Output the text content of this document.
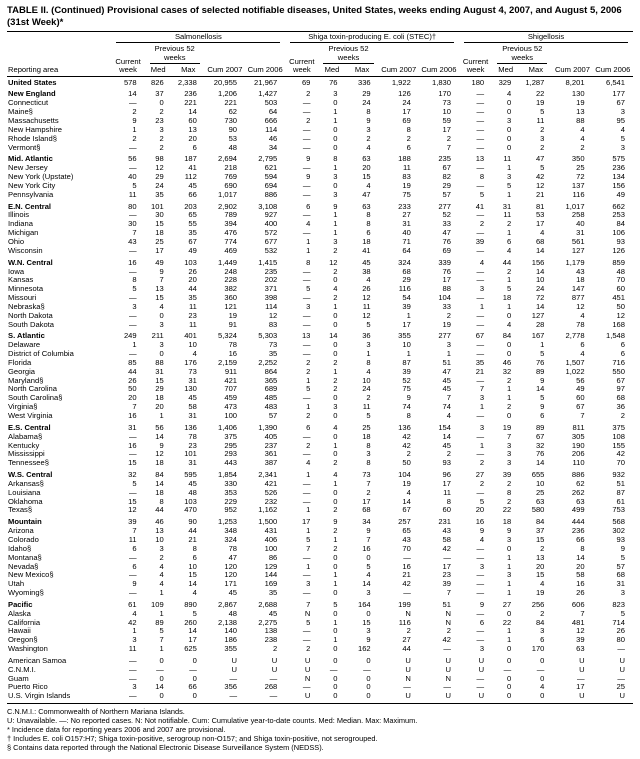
TABLE II. (Continued) Provisional cases of selected notifiable diseases, United States, weeks ending August 4, 2007, and August 5, 2006 (31st Week)*
Reporting area	Salmonellosis					Shiga toxin-producing E. coli (STEC)†					Shigellosis				

	Current week	Previous 52 weeks		Cum 2007	Cum 2006	Current week	Previous 52 weeks		Cum 2007	Cum 2006	Current week	Previous 52 weeks		Cum 2007	Cum 2006
		Med	Max				Med	Max				Med	Max		
United States	578	826	2,338	20,955	21,967	69	76	336	1,922	1,830	180	329	1,287	8,201	6,541
New England	14	37	236	1,206	1,427	2	3	29	126	170	—	4	22	130	177
Connecticut	—	0	221	221	503	—	0	24	24	73	—	0	19	19	67
Maine§	2	2	14	62	64	—	1	8	17	10	—	0	5	13	3
Massachusetts	9	23	60	730	666	2	1	9	69	59	—	3	11	88	95
New Hampshire	1	3	13	90	114	—	0	3	8	17	—	0	2	4	4
Rhode Island§	2	2	20	53	46	—	0	2	2	2	—	0	3	4	5
Vermont§	—	2	6	48	34	—	0	4	6	7	—	0	2	2	3
Mid. Atlantic	56	98	187	2,694	2,795	9	8	63	188	235	13	11	47	350	575
New Jersey	—	12	41	218	621	—	1	20	11	67	—	1	5	25	236
New York (Upstate)	40	29	112	769	594	9	3	15	83	82	8	3	42	72	134
New York City	5	24	45	690	694	—	0	4	19	29	—	5	12	137	156
Pennsylvania	11	35	66	1,017	886	—	3	47	75	57	5	1	21	116	49
E.N. Central	80	101	203	2,902	3,108	6	9	63	233	277	41	31	81	1,017	662
Illinois	—	30	65	789	927	—	1	8	27	52	—	11	53	258	253
Indiana	30	15	55	394	400	4	1	8	31	33	2	2	17	40	84
Michigan	7	18	35	476	572	—	1	6	40	47	—	1	4	31	106
Ohio	43	25	67	774	677	1	3	18	71	76	39	6	68	561	93
Wisconsin	—	17	49	469	532	1	2	41	64	69	—	4	14	127	126
W.N. Central	16	49	103	1,449	1,415	8	12	45	324	339	4	44	156	1,179	859
Iowa	—	9	26	248	235	—	2	38	68	76	—	2	14	43	48
Kansas	8	7	20	228	202	—	0	4	29	17	—	1	10	18	70
Minnesota	5	13	44	382	371	5	4	26	116	88	3	5	24	147	60
Missouri	—	15	35	360	398	—	2	12	54	104	—	18	72	877	451
Nebraska§	3	4	11	121	114	3	1	11	39	33	1	1	14	12	50
North Dakota	—	0	23	19	12	—	0	12	1	2	—	0	127	4	12
South Dakota	—	3	11	91	83	—	0	5	17	19	—	4	28	78	168
S. Atlantic	249	211	401	5,324	5,303	13	14	36	355	277	67	84	167	2,778	1,548
Delaware	1	3	10	78	73	—	0	3	10	3	—	0	1	6	6
District of Columbia	—	0	4	16	35	—	0	1	1	1	—	0	5	4	6
Florida	85	88	176	2,159	2,252	2	2	8	87	51	35	46	76	1,507	716
Georgia	44	31	73	911	864	2	1	4	39	47	21	32	89	1,022	550
Maryland§	26	15	31	421	365	1	2	10	52	45	—	2	9	56	67
North Carolina	50	29	130	707	689	5	2	24	75	45	7	1	14	49	97
South Carolina§	20	18	45	459	485	—	0	2	9	7	3	1	5	60	68
Virginia§	7	20	58	473	483	1	3	11	74	74	1	2	9	67	36
West Virginia	16	1	31	100	57	2	0	5	8	4	—	0	6	7	2
E.S. Central	31	56	136	1,406	1,390	6	4	25	136	154	3	19	89	811	375
Alabama§	—	14	78	375	405	—	0	18	42	14	—	7	67	305	108
Kentucky	16	9	23	295	237	2	1	8	42	45	1	3	32	190	155
Mississippi	—	12	101	293	361	—	0	3	2	2	—	3	76	206	42
Tennessee§	15	18	31	443	387	4	2	8	50	93	2	3	14	110	70
W.S. Central	32	84	595	1,854	2,341	1	4	73	104	96	27	39	655	886	932
Arkansas§	5	14	45	330	421	—	1	7	19	17	2	2	10	62	51
Louisiana	—	18	48	353	526	—	0	2	4	11	—	8	25	262	87
Oklahoma	15	8	103	229	232	—	0	17	14	8	5	2	63	63	61
Texas§	12	44	470	952	1,162	1	2	68	67	60	20	22	580	499	753
Mountain	39	46	90	1,253	1,500	17	9	34	257	231	16	18	84	444	568
Arizona	7	13	44	348	431	1	2	9	65	43	9	9	37	236	302
Colorado	11	10	21	324	406	5	1	7	43	58	4	3	15	66	93
Idaho§	6	3	8	78	100	7	2	16	70	42	—	0	2	8	9
Montana§	—	2	6	47	86	—	0	0	—	—	—	1	13	14	5
Nevada§	6	4	10	120	129	1	0	5	16	17	3	1	20	20	57
New Mexico§	—	4	15	120	144	—	1	4	21	23	—	3	15	58	68
Utah	9	4	14	171	169	3	1	14	42	39	—	1	4	16	31
Wyoming§	—	1	4	45	35	—	0	3	—	7	—	1	19	26	3
Pacific	61	109	890	2,867	2,688	7	5	164	199	51	9	27	256	606	823
Alaska	4	1	5	48	45	N	0	0	N	N	—	0	2	7	5
California	42	89	260	2,138	2,275	5	1	15	116	N	6	22	84	481	714
Hawaii	1	5	14	140	138	—	0	3	2	2	—	1	3	12	26
Oregon§	3	7	17	186	238	—	1	9	27	42	—	1	6	39	80
Washington	11	1	625	355	2	2	0	162	44	—	3	0	170	63	—
American Samoa	—	0	0	U	U	U	0	0	U	U	U	0	0	U	U
C.N.M.I.	—	—	—	U	U	U	—	—	U	U	U	—	—	U	U
Guam	—	0	0	—	—	N	0	0	N	N	—	0	0	—	—
Puerto Rico	3	14	66	356	268	—	0	0	—	—	—	0	4	17	25
U.S. Virgin Islands	—	0	0	—	—	U	0	0	U	U	U	0	0	U	U
C.N.M.I.: Commonwealth of Northern Mariana Islands.
U: Unavailable. —: No reported cases. N: Not notifiable. Cum: Cumulative year-to-date counts. Med: Median. Max: Maximum.
* Incidence data for reporting years 2006 and 2007 are provisional.
† Includes E. coli O157:H7; Shiga toxin-positive, serogroup non-O157; and Shiga toxin-positive, not serogrouped.
§ Contains data reported through the National Electronic Disease Surveillance System (NEDSS).
